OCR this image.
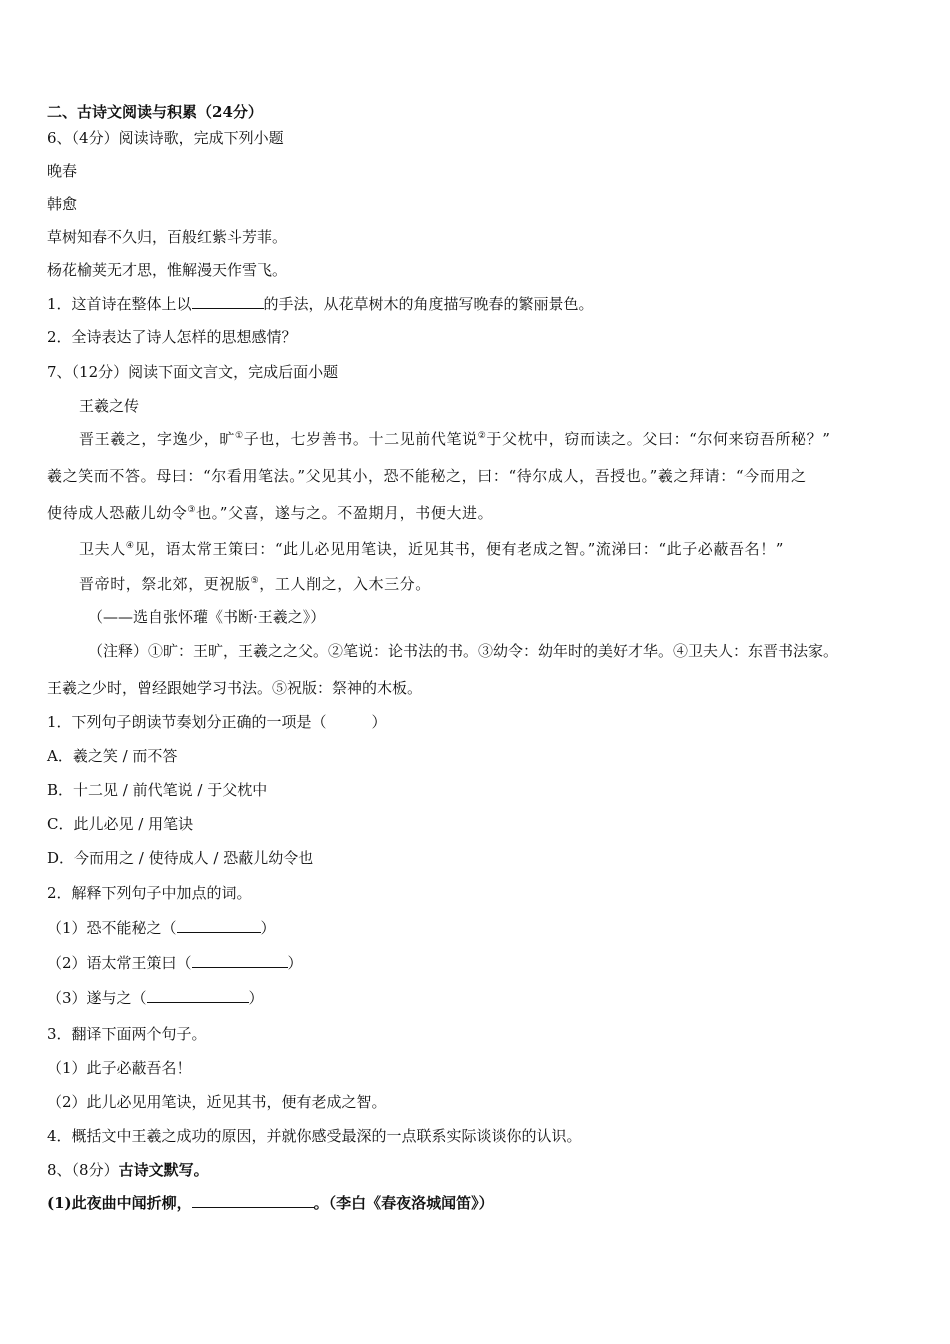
二、古诗文阅读与积累（24分）
6、（4分）阅读诗歌，完成下列小题
晚春
韩愈
草树知春不久归，百般红紫斗芳菲。
杨花榆荚无才思，惟解漫天作雪飞。
1．这首诗在整体上以	的手法，从花草树木的角度描写晚春的繁丽景色。
2．全诗表达了诗人怎样的思想感情？
7、（12分）阅读下面文言文，完成后面小题
王羲之传
晋王羲之，字逸少，旷①子也，七岁善书。十二见前代笔说②于父枕中，窃而读之。父曰：“尔何来窃吾所秘？”
羲之笑而不答。母曰：“尔看用笔法。”父见其小，恐不能秘之，曰：“待尔成人，吾授也。”羲之拜请：“今而用之
使待成人恐蔽儿幼令③也。”父喜，遂与之。不盈期月，书便大进。
卫夫人④见，语太常王策曰：“此儿必见用笔诀，近见其书，便有老成之智。”流涕曰：“此子必蔽吾名！”
晋帝时，祭北郊，更祝版⑤，工人削之，入木三分。
（——选自张怀瓘《书断·王羲之》）
（注释）①旷：王旷，王羲之之父。②笔说：论书法的书。③幼令：幼年时的美好才华。④卫夫人：东晋书法家。
王羲之少时，曾经跟她学习书法。⑤祝版：祭神的木板。
1．下列句子朗读节奏划分正确的一项是（　　　）
A．羲之笑 / 而不答
B．十二见 / 前代笔说 / 于父枕中
C．此儿必见 / 用笔诀
D．今而用之 / 使待成人 / 恐蔽儿幼令也
2．解释下列句子中加点的词。
（1）恐不能秘之（	）
（2）语太常王策曰（	）
（3）遂与之（	）
3．翻译下面两个句子。
（1）此子必蔽吾名！
（2）此儿必见用笔诀，近见其书，便有老成之智。
4．概括文中王羲之成功的原因，并就你感受最深的一点联系实际谈谈你的认识。
8、（8分）古诗文默写。
(1)此夜曲中闻折柳，	。（李白《春夜洛城闻笛》）
